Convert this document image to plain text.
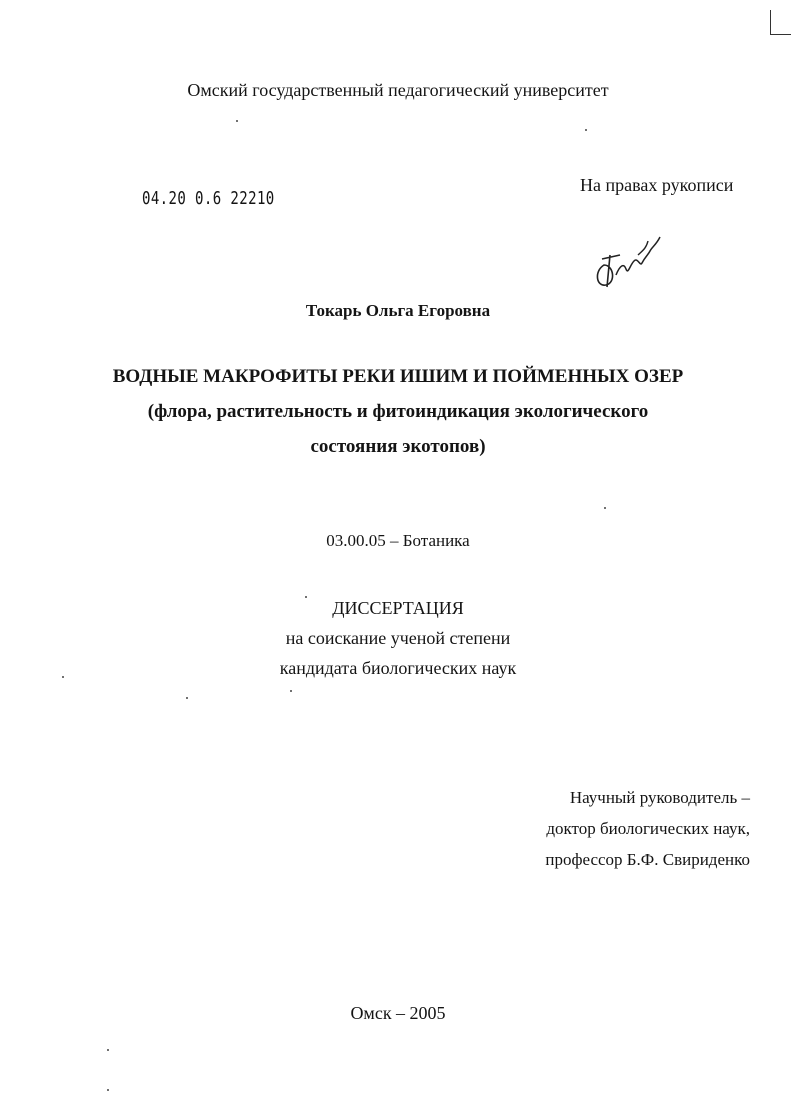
Омский государственный педагогический университет
04.20 0.6 22210
На правах рукописи
Токарь Ольга Егоровна
ВОДНЫЕ МАКРОФИТЫ РЕКИ ИШИМ И ПОЙМЕННЫХ ОЗЕР
(флора, растительность и фитоиндикация экологического
состояния экотопов)
03.00.05 – Ботаника
ДИССЕРТАЦИЯ
на соискание ученой степени
кандидата биологических наук
Научный руководитель –
доктор биологических наук,
профессор Б.Ф. Свириденко
Омск – 2005
